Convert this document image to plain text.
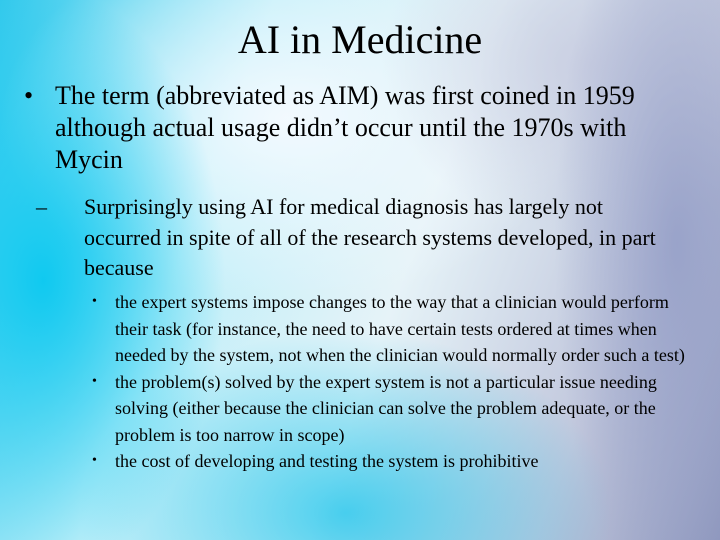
AI in Medicine
• The term (abbreviated as AIM) was first coined in 1959 although actual usage didn’t occur until the 1970s with Mycin
–	Surprisingly using AI for medical diagnosis has largely not occurred in spite of all of the research systems developed, in part because
•	the expert systems impose changes to the way that a clinician would perform their task (for instance, the need to have certain tests ordered at times when needed by the system, not when the clinician would normally order such a test)
•	the problem(s) solved by the expert system is not a particular issue needing solving (either because the clinician can solve the problem adequate, or the problem is too narrow in scope)
•	the cost of developing and testing the system is prohibitive
